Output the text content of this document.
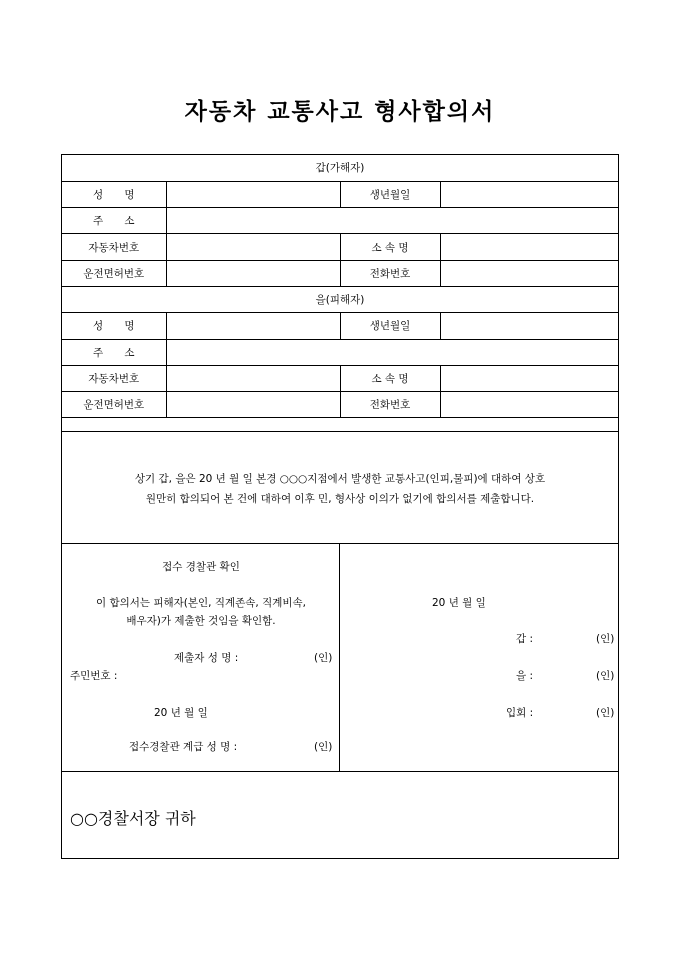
자동차 교통사고 형사합의서
갑(가해자)			
성 명		생년월일	
주 소			
자동차번호		소 속 명	
운전면허번호		전화번호	
을(피해자)			
성 명		생년월일	
주 소			
자동차번호		소 속 명	
운전면허번호		전화번호	
상기 갑, 을은 20 년 월 일 본경 ○○○지점에서 발생한 교통사고(인피,물피)에 대하여 상호
원만히 합의되어 본 건에 대하여 이후 민, 형사상 이의가 없기에 합의서를 제출합니다.
접수 경찰관 확인
이 합의서는 피해자(본인, 직계존속, 직계비속,
배우자)가 제출한 것임을 확인함.
제출자 성 명 :	(인)
주민번호 :
20 년 월 일
접수경찰관 계급 성 명 :	(인)
20 년 월 일
갑 :	(인)
을 :	(인)
입회 :	(인)
○○경찰서장 귀하
